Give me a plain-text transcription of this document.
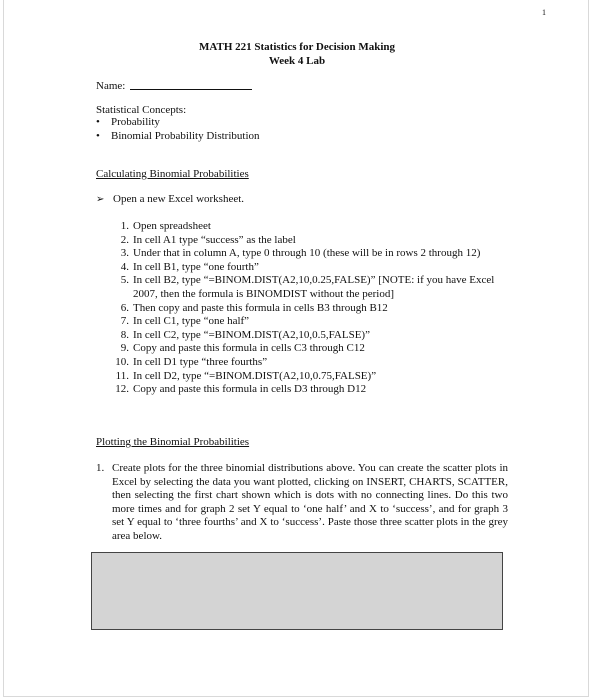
1
MATH 221 Statistics for Decision Making
Week 4 Lab
Name:
Statistical Concepts:
• Probability
• Binomial Probability Distribution
Calculating Binomial Probabilities
➢ Open a new Excel worksheet.
1. Open spreadsheet
2. In cell A1 type “success” as the label
3. Under that in column A, type 0 through 10 (these will be in rows 2 through 12)
4. In cell B1, type “one fourth”
5. In cell B2, type “=BINOM.DIST(A2,10,0.25,FALSE)” [NOTE: if you have Excel 2007, then the formula is BINOMDIST without the period]
6. Then copy and paste this formula in cells B3 through B12
7. In cell C1, type “one half”
8. In cell C2, type “=BINOM.DIST(A2,10,0.5,FALSE)”
9. Copy and paste this formula in cells C3 through C12
10. In cell D1 type “three fourths”
11. In cell D2, type “=BINOM.DIST(A2,10,0.75,FALSE)”
12. Copy and paste this formula in cells D3 through D12
Plotting the Binomial Probabilities
1. Create plots for the three binomial distributions above. You can create the scatter plots in Excel by selecting the data you want plotted, clicking on INSERT, CHARTS, SCATTER, then selecting the first chart shown which is dots with no connecting lines. Do this two more times and for graph 2 set Y equal to ‘one half’ and X to ‘success’, and for graph 3 set Y equal to ‘three fourths’ and X to ‘success’. Paste those three scatter plots in the grey area below.
